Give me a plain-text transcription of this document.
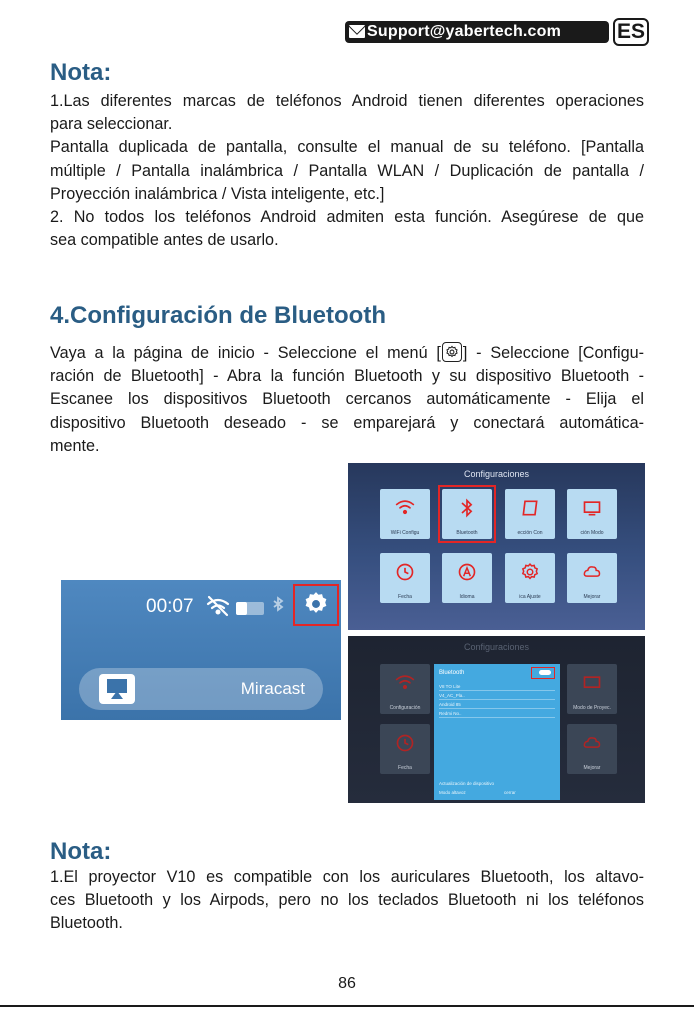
Support@yabertech.com	ES
Nota:
1.Las diferentes marcas de teléfonos Android tienen diferentes operaciones
para seleccionar.
Pantalla duplicada de pantalla, consulte el manual de su teléfono. [Pantalla
múltiple / Pantalla inalámbrica / Pantalla WLAN / Duplicación de pantalla /
Proyección inalámbrica / Vista inteligente, etc.]
2. No todos los teléfonos Android admiten esta función. Asegúrese de que
sea compatible antes de usarlo.
4.Configuración de Bluetooth
Vaya a la página de inicio - Seleccione el menú [ ] - Seleccione [Configu-
ración de Bluetooth] - Abra la función Bluetooth y su dispositivo Bluetooth -
Escanee los dispositivos Bluetooth cercanos automáticamente - Elija el
dispositivo Bluetooth deseado - se emparejará y conectará automática-
mente.
00:07
Miracast
Configuraciones
WiFi Configu	Bluetooth	ección Con	ción Modo
Fecha	Idioma	ica Ajuste	Mejorar
Configuraciones
Configuración
Fecha
Modo de Proyec.
Mejorar
Bluetooth
V8 TO Lite
V4_AC_Pla..
Android 85
Redmi No..
Actualización de dispositivo
Modo altavoz	cerrar
Nota:
1.El proyector V10 es compatible con los auriculares Bluetooth, los altavo-
ces Bluetooth y los Airpods, pero no los teclados Bluetooth ni los teléfonos
Bluetooth.
86
